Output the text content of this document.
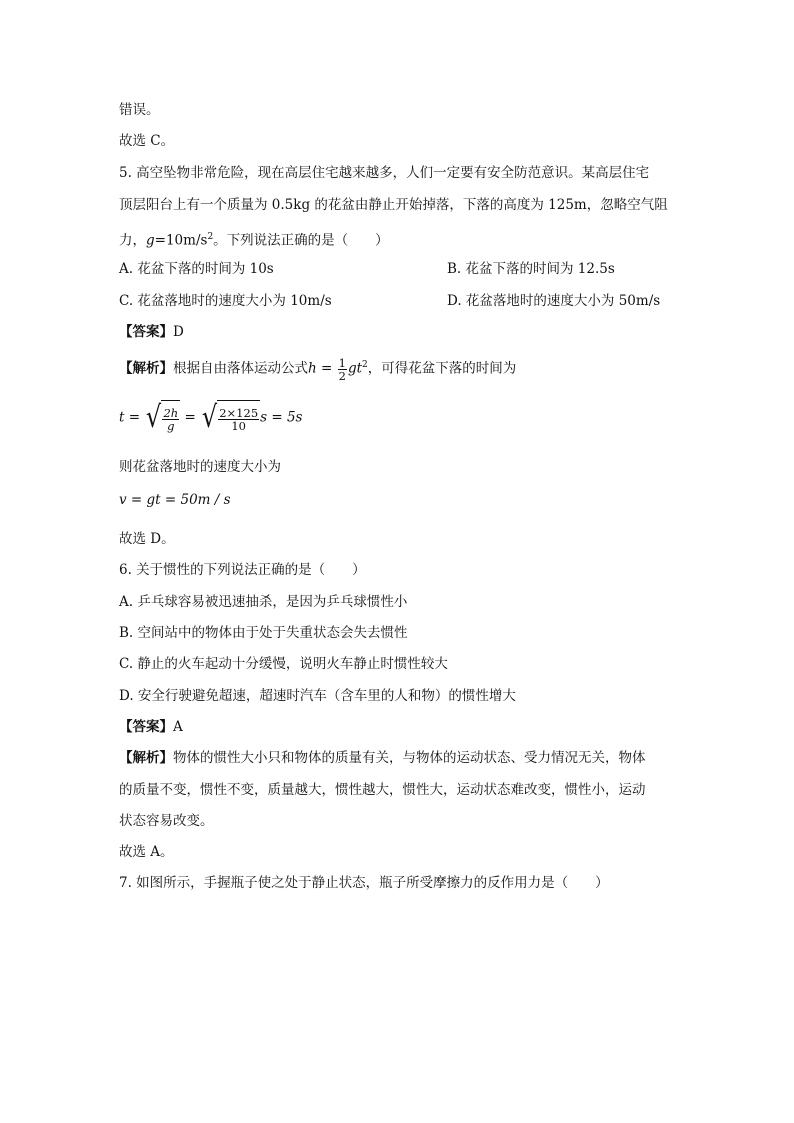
错误。
故选 C。
5. 高空坠物非常危险，现在高层住宅越来越多，人们一定要有安全防范意识。某高层住宅
顶层阳台上有一个质量为 0.5kg 的花盆由静止开始掉落，下落的高度为 125m，忽略空气阻
力，$g=10m/s^2$。下列说法正确的是（　　）
A. 花盆下落的时间为 10s	B. 花盆下落的时间为 12.5s
C. 花盆落地时的速度大小为 10m/s	D. 花盆落地时的速度大小为 50m/s
【答案】D
【解析】根据自由落体运动公式$h = \frac{1}{2} gt^2$，可得花盆下落的时间为
t = √ $\frac{2h}{g}$ = √ $\frac{2\times 125}{10}$ s = 5s
则花盆落地时的速度大小为
v = gt = 50m / s
故选 D。
6. 关于惯性的下列说法正确的是（　　）
A. 乒乓球容易被迅速抽杀，是因为乒乓球惯性小
B. 空间站中的物体由于处于失重状态会失去惯性
C. 静止的火车起动十分缓慢，说明火车静止时惯性较大
D. 安全行驶避免超速，超速时汽车（含车里的人和物）的惯性增大
【答案】A
【解析】物体的惯性大小只和物体的质量有关，与物体的运动状态、受力情况无关，物体
的质量不变，惯性不变，质量越大，惯性越大，惯性大，运动状态难改变，惯性小，运动
状态容易改变。
故选 A。
7. 如图所示，手握瓶子使之处于静止状态，瓶子所受摩擦力的反作用力是（　　）
